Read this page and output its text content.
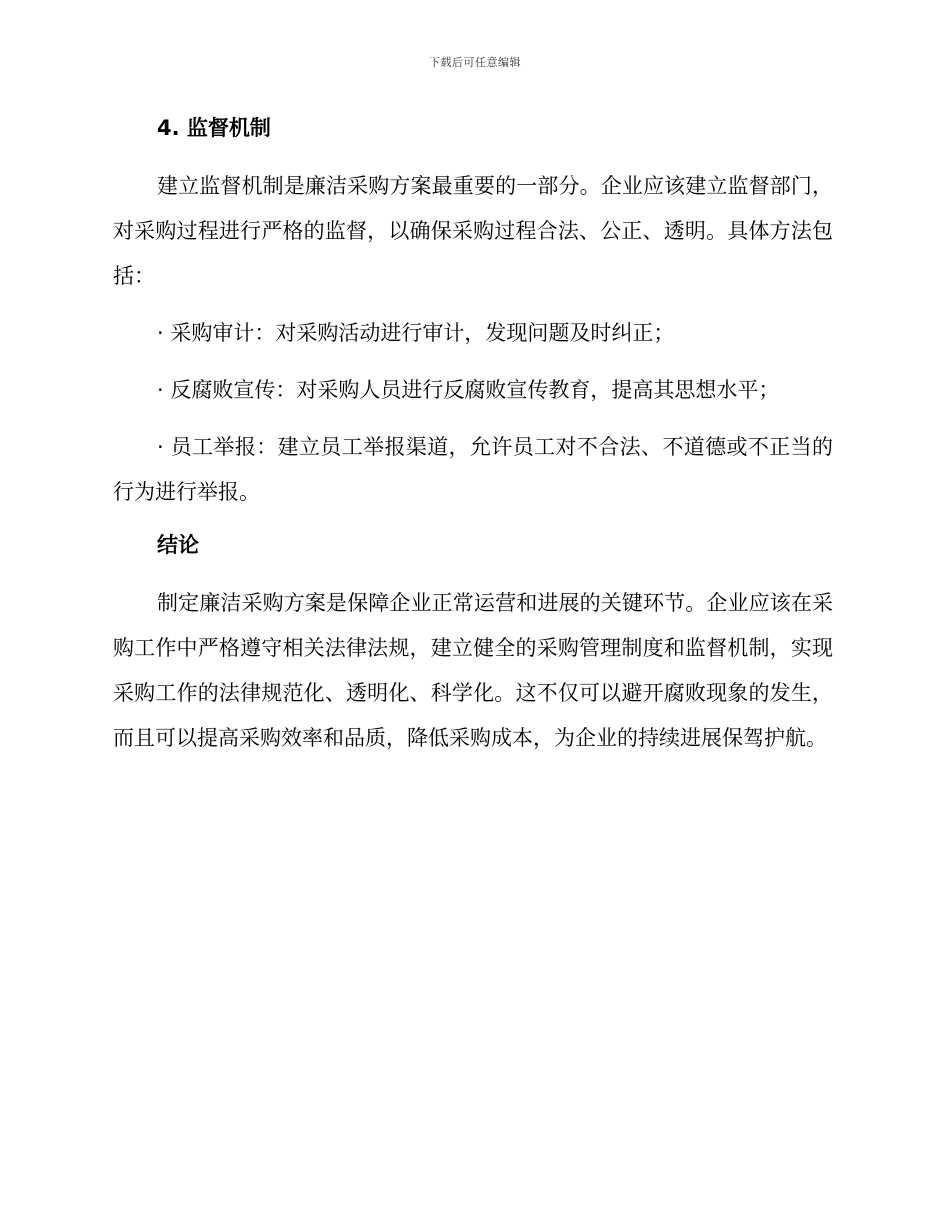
下载后可任意编辑
4. 监督机制

建立监督机制是廉洁采购方案最重要的一部分。企业应该建立监督部门，对采购过程进行严格的监督，以确保采购过程合法、公正、透明。具体方法包括：

· 采购审计：对采购活动进行审计，发现问题及时纠正；

· 反腐败宣传：对采购人员进行反腐败宣传教育，提高其思想水平；

· 员工举报：建立员工举报渠道，允许员工对不合法、不道德或不正当的行为进行举报。

结论

制定廉洁采购方案是保障企业正常运营和进展的关键环节。企业应该在采购工作中严格遵守相关法律法规，建立健全的采购管理制度和监督机制，实现采购工作的法律规范化、透明化、科学化。这不仅可以避开腐败现象的发生，而且可以提高采购效率和品质，降低采购成本，为企业的持续进展保驾护航。
